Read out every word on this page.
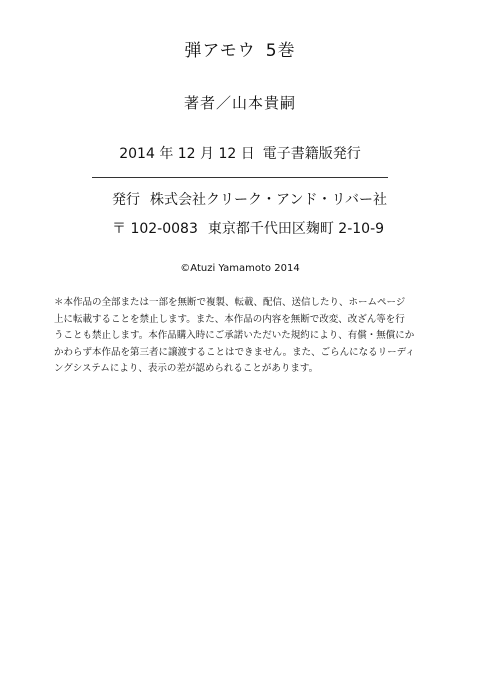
弾アモウ 5巻
著者／山本貴嗣
2014 年 12 月 12 日 電子書籍版発行
発行 株式会社クリーク・アンド・リバー社
〒 102-0083 東京都千代田区麹町 2-10-9
©Atuzi Yamamoto 2014
＊本作品の全部または一部を無断で複製、転載、配信、送信したり、ホームページ
上に転載することを禁止します。また、本作品の内容を無断で改変、改ざん等を行
うことも禁止します。本作品購入時にご承諾いただいた規約により、有償・無償にか
かわらず本作品を第三者に譲渡することはできません。また、ごらんになるリーディ
ングシステムにより、表示の差が認められることがあります。
